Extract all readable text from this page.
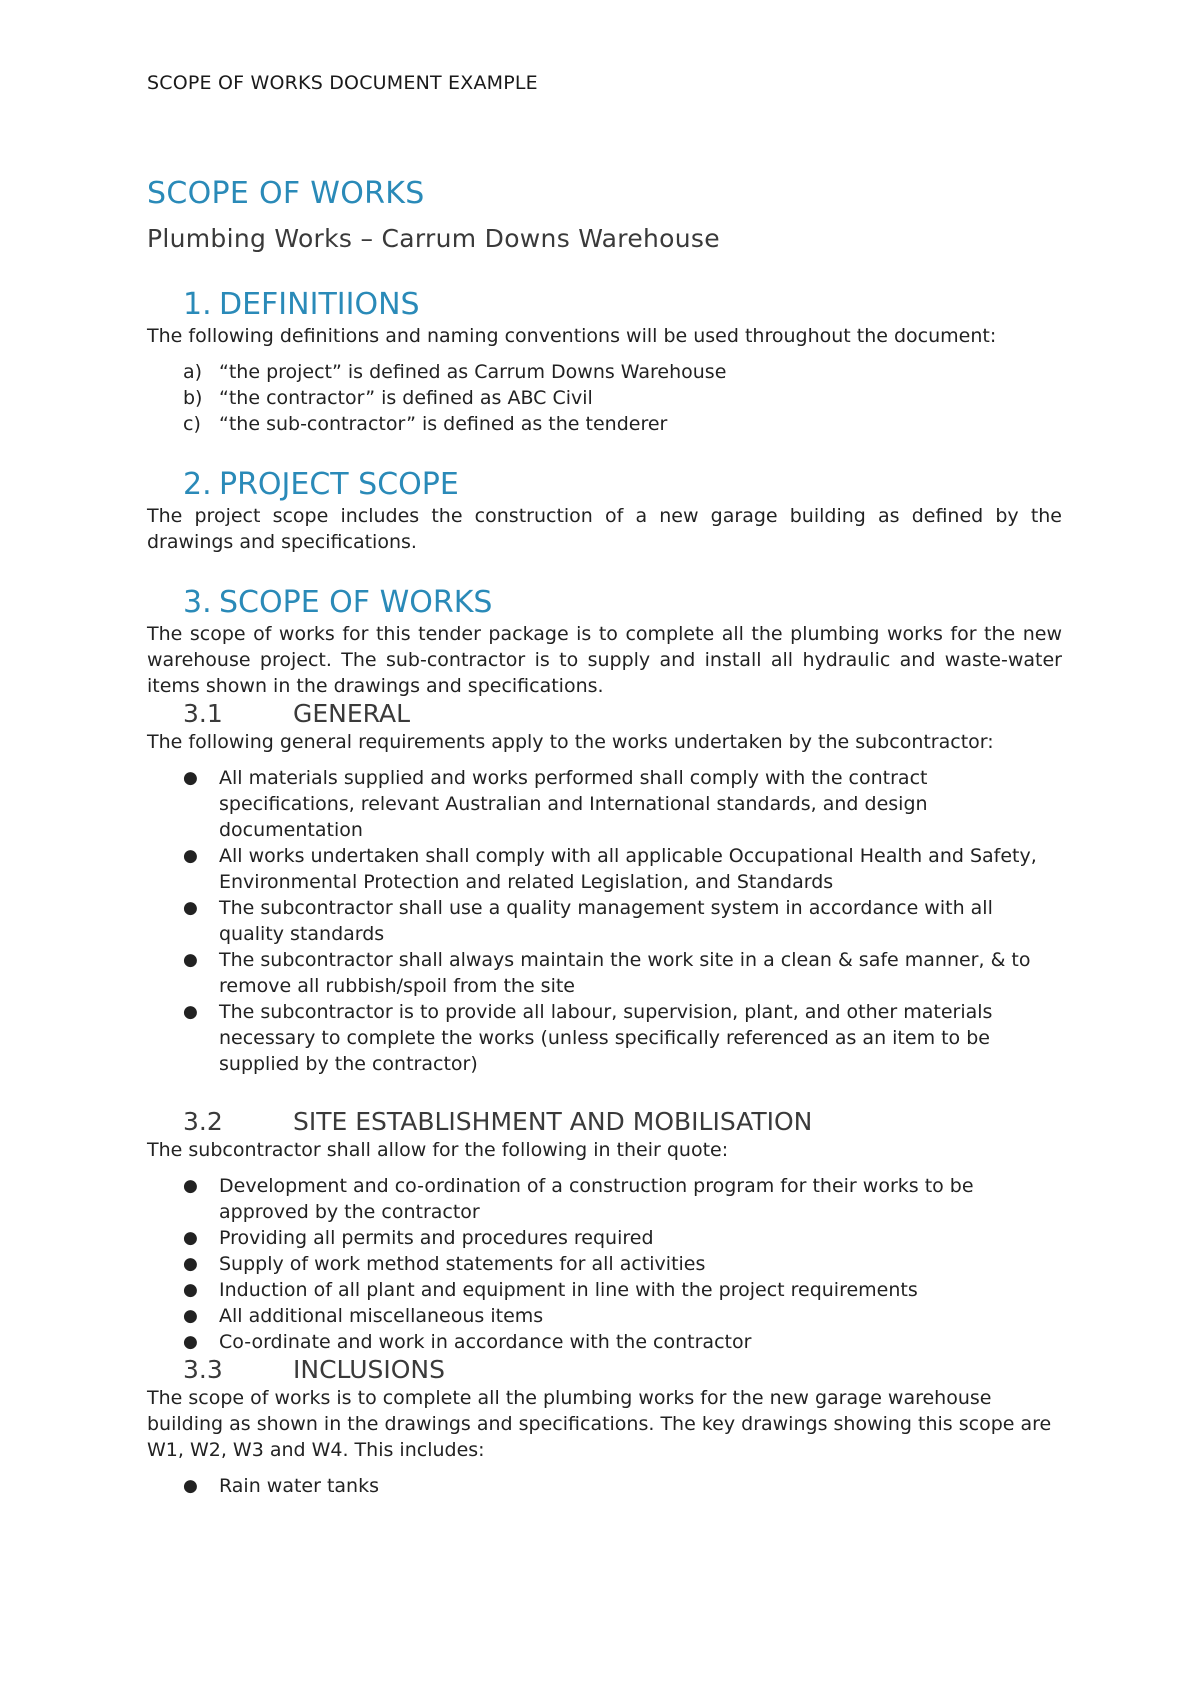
SCOPE OF WORKS DOCUMENT EXAMPLE
SCOPE OF WORKS
Plumbing Works – Carrum Downs Warehouse
1. DEFINITIIONS

The following definitions and naming conventions will be used throughout the document:

a) “the project” is defined as Carrum Downs Warehouse
b) “the contractor” is defined as ABC Civil
c) “the sub-contractor” is defined as the tenderer
2. PROJECT SCOPE

The project scope includes the construction of a new garage building as defined by the drawings and specifications.

3. SCOPE OF WORKS

The scope of works for this tender package is to complete all the plumbing works for the new warehouse project. The sub-contractor is to supply and install all hydraulic and waste-water items shown in the drawings and specifications.

3.1	GENERAL

The following general requirements apply to the works undertaken by the subcontractor:

● All materials supplied and works performed shall comply with the contract specifications, relevant Australian and International standards, and design documentation
● All works undertaken shall comply with all applicable Occupational Health and Safety, Environmental Protection and related Legislation, and Standards
● The subcontractor shall use a quality management system in accordance with all quality standards
● The subcontractor shall always maintain the work site in a clean & safe manner, & to remove all rubbish/spoil from the site
● The subcontractor is to provide all labour, supervision, plant, and other materials necessary to complete the works (unless specifically referenced as an item to be supplied by the contractor)
3.2	SITE ESTABLISHMENT AND MOBILISATION

The subcontractor shall allow for the following in their quote:

● Development and co-ordination of a construction program for their works to be approved by the contractor
● Providing all permits and procedures required
● Supply of work method statements for all activities
● Induction of all plant and equipment in line with the project requirements
● All additional miscellaneous items
● Co-ordinate and work in accordance with the contractor
3.3	INCLUSIONS

The scope of works is to complete all the plumbing works for the new garage warehouse building as shown in the drawings and specifications. The key drawings showing this scope are W1, W2, W3 and W4. This includes:

● Rain water tanks
